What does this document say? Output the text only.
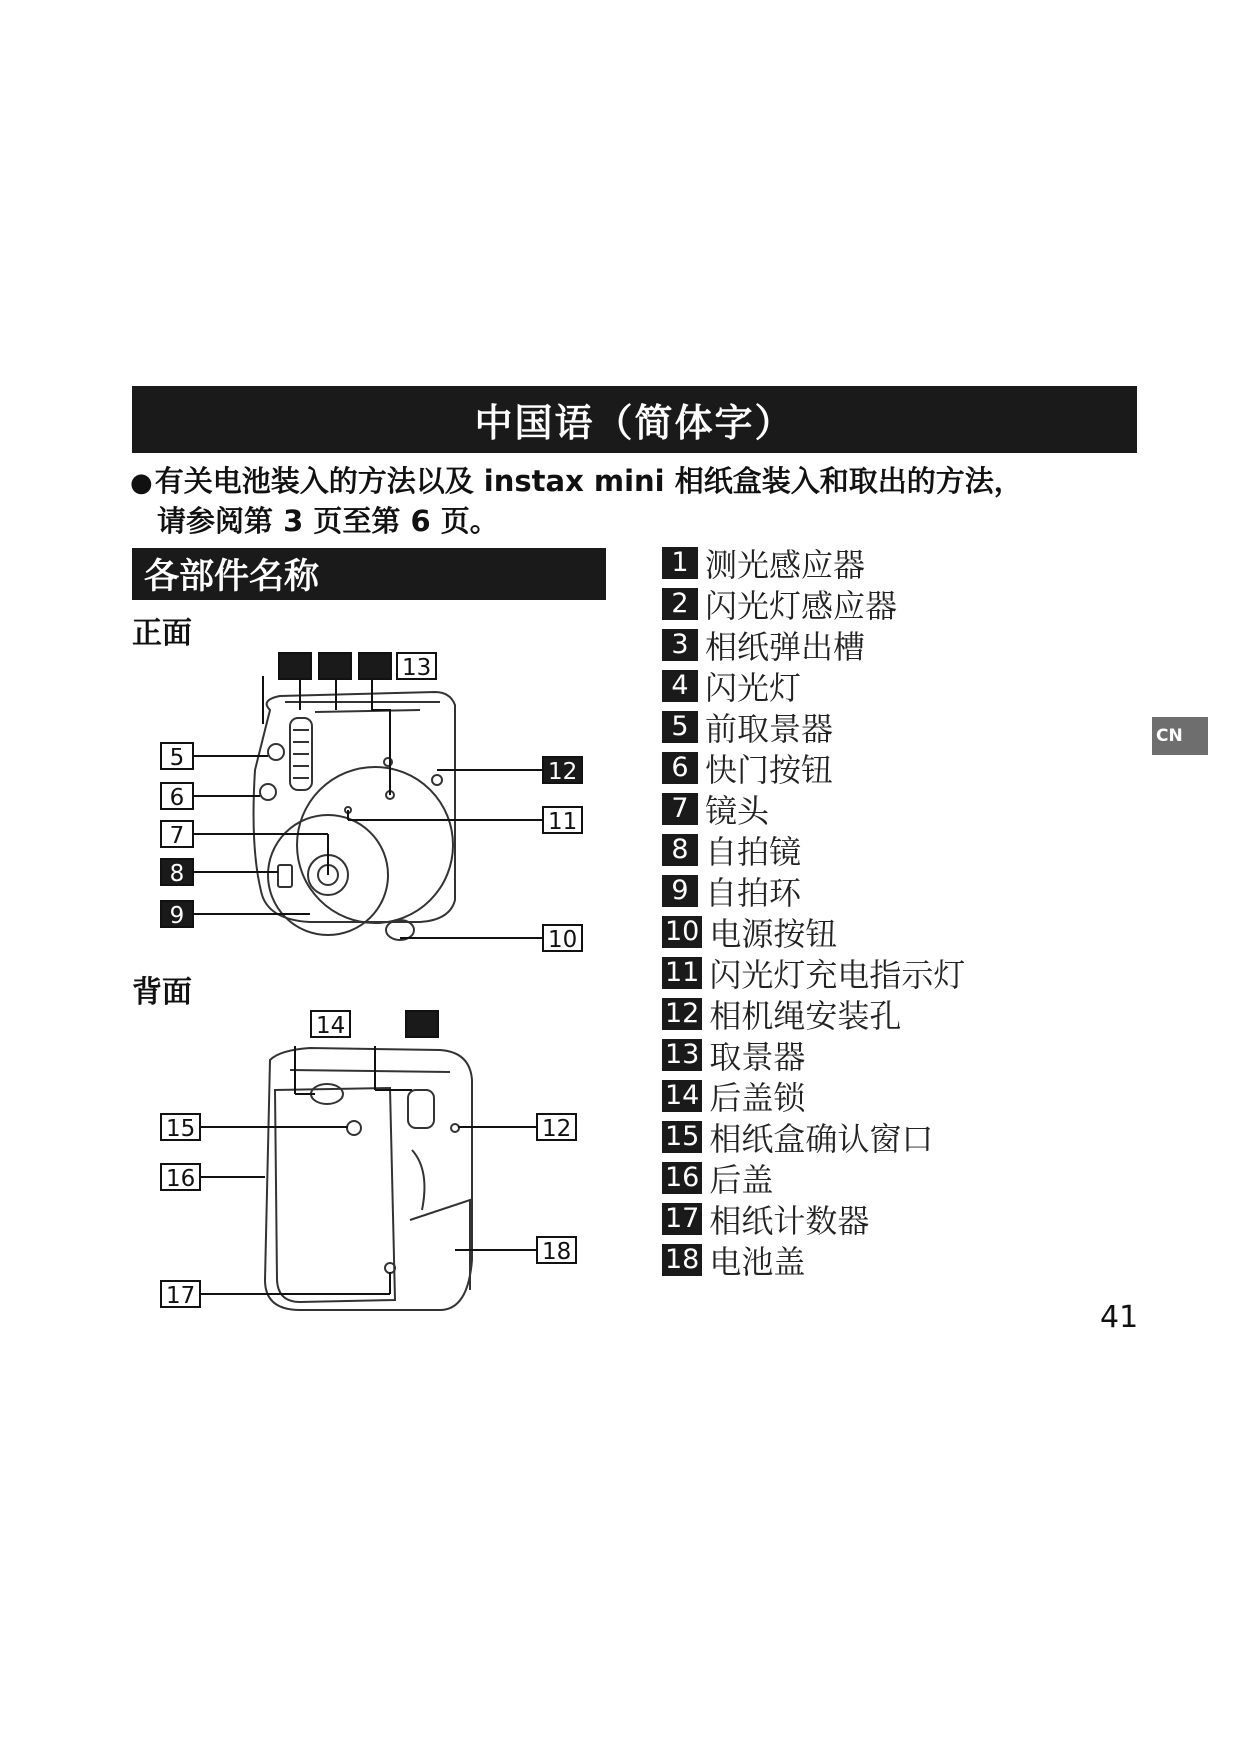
中国语（简体字）
●有关电池装入的方法以及 instax mini 相纸盒装入和取出的方法，
请参阅第 3 页至第 6 页。
各部件名称
正面
13
5
6
7
8
9
12
11
10
背面
14
15
16
17
12
18
1 测光感应器
2 闪光灯感应器
3 相纸弹出槽
4 闪光灯
5 前取景器
6 快门按钮
7 镜头
8 自拍镜
9 自拍环
10 电源按钮
11 闪光灯充电指示灯
12 相机绳安装孔
13 取景器
14 后盖锁
15 相纸盒确认窗口
16 后盖
17 相纸计数器
18 电池盖
CN
41
